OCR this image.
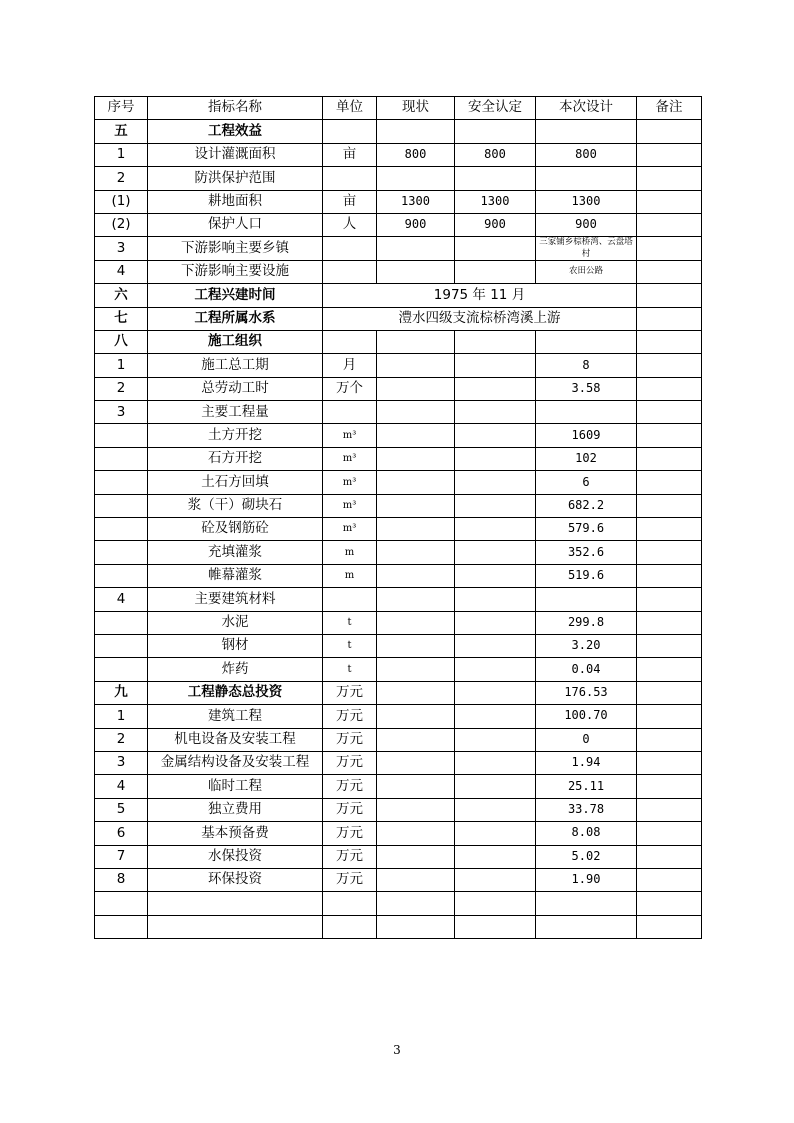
序号	指标名称	单位	现状	安全认定	本次设计	备注
五	工程效益					
1	设计灌溉面积	亩	800	800	800	
2	防洪保护范围					
(1)	耕地面积	亩	1300	1300	1300	
(2)	保护人口	人	900	900	900	
3	下游影响主要乡镇				三家铺乡棕桥湾、云盘塔村	
4	下游影响主要设施				农田公路	
六	工程兴建时间	1975 年 11 月				
七	工程所属水系	澧水四级支流棕桥湾溪上游				
八	施工组织					
1	施工总工期	月			8	
2	总劳动工时	万个			3.58	
3	主要工程量					
	土方开挖	m³			1609	
	石方开挖	m³			102	
	土石方回填	m³			6	
	浆（干）砌块石	m³			682.2	
	砼及钢筋砼	m³			579.6	
	充填灌浆	m			352.6	
	帷幕灌浆	m			519.6	
4	主要建筑材料					
	水泥	t			299.8	
	钢材	t			3.20	
	炸药	t			0.04	
九	工程静态总投资	万元			176.53	
1	建筑工程	万元			100.70	
2	机电设备及安装工程	万元			0	
3	金属结构设备及安装工程	万元			1.94	
4	临时工程	万元			25.11	
5	独立费用	万元			33.78	
6	基本预备费	万元			8.08	
7	水保投资	万元			5.02	
8	环保投资	万元			1.90	

3
